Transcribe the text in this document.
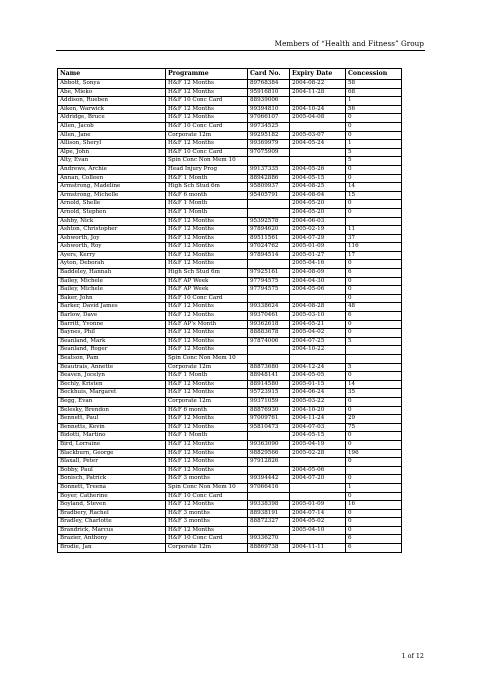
Members of “Health and Fitness” Group
Name	Programme	Card No.	Expiry Date	Concession
Abbott, Sonya	H&F 12 Months	89768384	2004-08-22	58
Abe, Mieko	H&F 12 Months	95916810	2004-11-28	68
Addison, Rueben	H&F 10 Conc Card	88939006		1
Aiken, Warwick	H&F 12 Months	99394810	2004-10-24	56
Aldridge, Bruce	H&F 12 Months	97066107	2005-04-08	0
Allen, Jacob	H&F 10 Conc Card	99734525		0
Allen, Jane	Corporate 12m	99295182	2005-03-07	0
Allison, Sheryl	H&F 12 Months	99369979	2004-05-24	1
Alpe, John	H&F 10 Conc Card	97075909		5
Alty, Evan	Spin Conc Non Mem 10			5
Andrews, Archie	Head Injury Prog	99137335	2004-05-26	0
Annan, Colleen	H&F 1 Month	88942886	2004-05-15	0
Armstrong, Madeline	High Sch Stud 6m	95809937	2004-08-25	14
Armstrong, Michelle	H&F 6 month	95405791	2004-08-04	15
Arnold, Shelle	H&F 1 Month		2004-05-20	0
Arnold, Stephen	H&F 1 Month		2004-05-20	0
Ashby, Nick	H&F 12 Months	95392578	2004-06-03	
Ashton, Christopher	H&F 12 Months	97894620	2005-02-19	11
Ashworth, Joy	H&F 12 Months	89511561	2004-07-29	37
Ashworth, Roy	H&F 12 Months	97024762	2005-01-09	116
Ayers, Kerry	H&F 12 Months	97894514	2005-01-27	17
Ayton, Deborah	H&F 12 Months		2005-04-16	0
Baddeley, Hannah	High Sch Stud 6m	97925161	2004-08-09	6
Bailey, Michele	H&F AP Week	97794575	2004-04-30	0
Bailey, Michele	H&F AP Week	97794575	2004-05-06	0
Baker, John	H&F 10 Conc Card			0
Barker, David James	H&F 12 Months	99338624	2004-08-28	48
Barlow, Dave	H&F 12 Months	99370461	2005-03-10	6
Barritt, Yvonne	H&F AP's Month	99362618	2004-05-21	0
Baynes, Phil	H&F 12 Months	88883678	2005-04-02	0
Beanland, Mark	H&F 12 Months	97874006	2004-07-25	5
Beanland, Roger	H&F 12 Months		2004-10-22	
Beatson, Pam	Spin Conc Non Mem 10			
Beautrais, Annette	Corporate 12m	88873680	2004-12-24	5
Beaven, Jocelyn	H&F 1 Month	88948141	2004-05-05	0
Bechly, Kristen	H&F 12 Months	88914580	2005-01-15	14
Beckhuis, Margaret	H&F 12 Months	95723915	2004-06-24	35
Begg, Evan	Corporate 12m	99371059	2005-03-22	0
Belesky, Brendon	H&F 6 month	88876930	2004-10-20	0
Bennett, Paul	H&F 12 Months	97009761	2004-11-24	29
Bennetts, Kevin	H&F 12 Months	95810473	2004-07-03	75
Bidotti, Martino	H&F 1 Month		2004-05-15	0
Bird, Lorraine	H&F 12 Months	99363090	2005-04-19	0
Blackburn, George	H&F 12 Months	98829566	2005-02-28	196
Blaxall, Peter	H&F 12 Months	97912826		0
Bobby, Paul	H&F 12 Months		2004-05-06	
Bonisch, Patrick	H&F 3 months	99394442	2004-07-20	0
Bonnett, Treena	Spin Conc Non Mem 10	97066416		1
Boyer, Catherine	H&F 10 Conc Card			0
Boyland, Steven	H&F 12 Months	99338398	2005-01-09	16
Bradbery, Rachel	H&F 3 months	88938191	2004-07-14	0
Bradley, Charlotte	H&F 3 months	88872327	2004-05-02	0
Brandrick, Marcus	H&F 12 Months		2005-04-10	0
Brazier, Anthony	H&F 10 Conc Card	99336270		6
Brodie, Jan	Corporate 12m	88869738	2004-11-11	6
1 of 12
